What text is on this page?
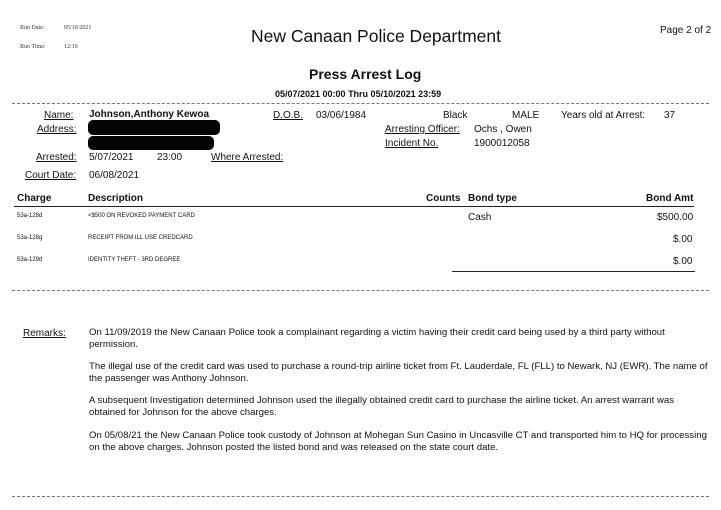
Run Date:	05/10/2021
Run Time:	12:19
New Canaan Police Department	Page 2 of 2
Press Arrest Log
05/07/2021 00:00 Thru 05/10/2021 23:59
Name: Johnson,Anthony Kewoa	D.O.B. 03/06/1984	Black	MALE Years old at Arrest: 37
Address:	Arresting Officer: Ochs , Owen
Incident No.	1900012058
Arrested: 5/07/2021 23:00	Where Arrested:
Court Date: 06/08/2021
Charge	Description	Counts Bond type	Bond Amt
53a-128d	<$500 ON REVOKED PAYMENT CARD	Cash	$500.00
53a-128g	RECEIPT FROM ILL USE CREDCARD	$.00
53a-129d	IDENTITY THEFT - 3RD DEGREE	$.00
Remarks: On 11/09/2019 the New Canaan Police took a complainant regarding a victim having their credit card being used by a third party without permission.
The illegal use of the credit card was used to purchase a round-trip airline ticket from Ft. Lauderdale, FL (FLL) to Newark, NJ (EWR). The name of the passenger was Anthony Johnson.
A subsequent Investigation determined Johnson used the illegally obtained credit card to purchase the airline ticket. An arrest warrant was obtained for Johnson for the above charges.
On 05/08/21 the New Canaan Police took custody of Johnson at Mohegan Sun Casino in Uncasville CT and transported him to HQ for processing on the above charges. Johnson posted the listed bond and was released on the state court date.
